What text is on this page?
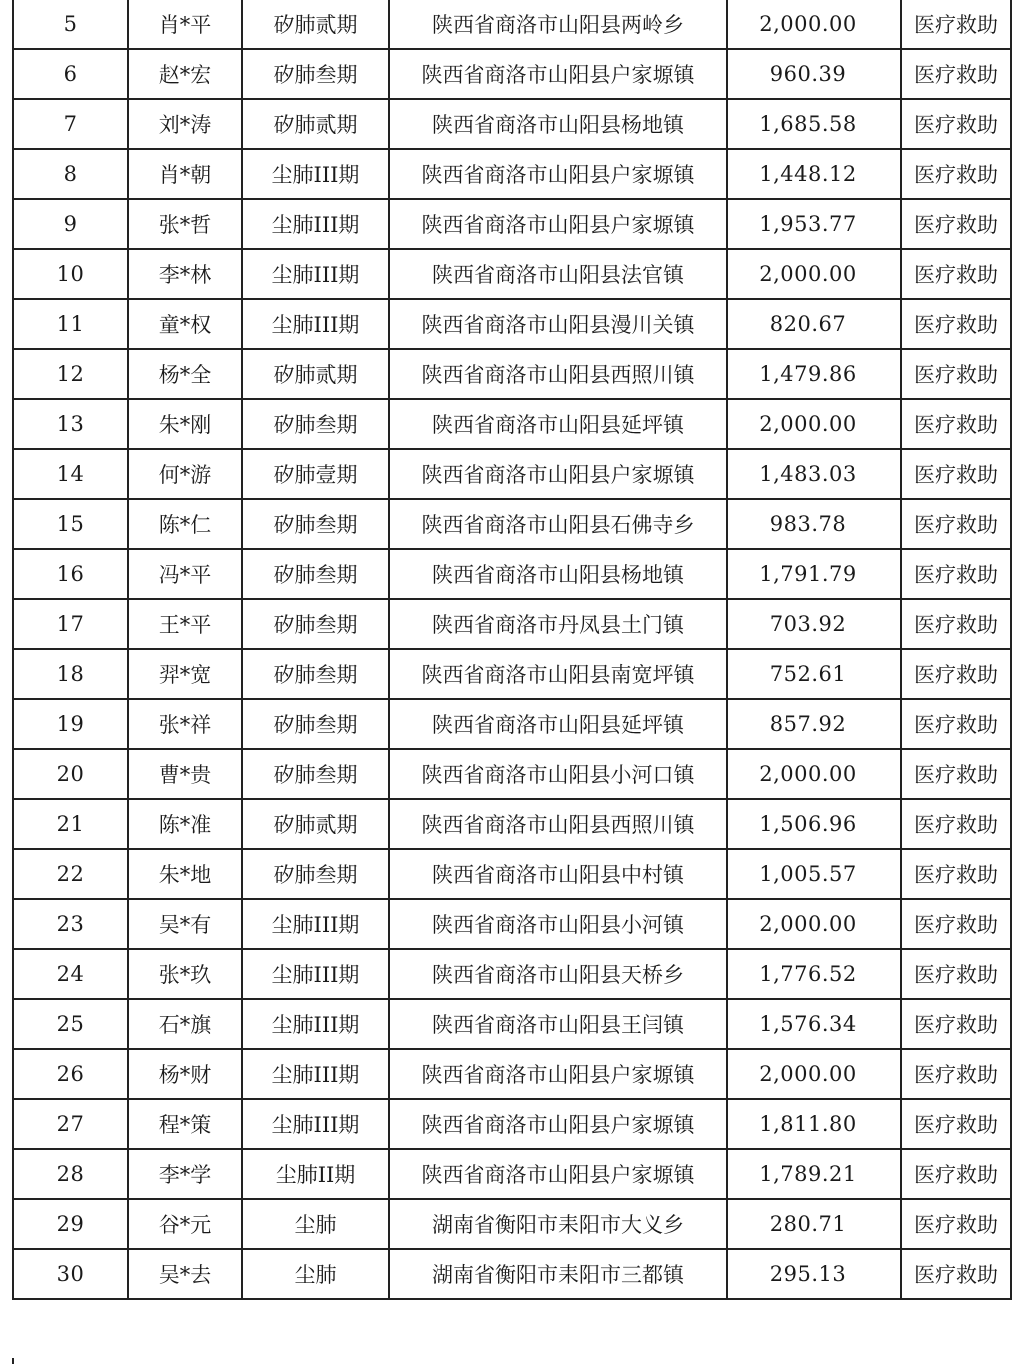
5	肖*平	矽肺贰期	陕西省商洛市山阳县两岭乡	2,000.00	医疗救助
6	赵*宏	矽肺叁期	陕西省商洛市山阳县户家塬镇	960.39	医疗救助
7	刘*涛	矽肺贰期	陕西省商洛市山阳县杨地镇	1,685.58	医疗救助
8	肖*朝	尘肺III期	陕西省商洛市山阳县户家塬镇	1,448.12	医疗救助
9	张*哲	尘肺III期	陕西省商洛市山阳县户家塬镇	1,953.77	医疗救助
10	李*林	尘肺III期	陕西省商洛市山阳县法官镇	2,000.00	医疗救助
11	童*权	尘肺III期	陕西省商洛市山阳县漫川关镇	820.67	医疗救助
12	杨*全	矽肺贰期	陕西省商洛市山阳县西照川镇	1,479.86	医疗救助
13	朱*刚	矽肺叁期	陕西省商洛市山阳县延坪镇	2,000.00	医疗救助
14	何*游	矽肺壹期	陕西省商洛市山阳县户家塬镇	1,483.03	医疗救助
15	陈*仁	矽肺叁期	陕西省商洛市山阳县石佛寺乡	983.78	医疗救助
16	冯*平	矽肺叁期	陕西省商洛市山阳县杨地镇	1,791.79	医疗救助
17	王*平	矽肺叁期	陕西省商洛市丹凤县土门镇	703.92	医疗救助
18	羿*宽	矽肺叁期	陕西省商洛市山阳县南宽坪镇	752.61	医疗救助
19	张*祥	矽肺叁期	陕西省商洛市山阳县延坪镇	857.92	医疗救助
20	曹*贵	矽肺叁期	陕西省商洛市山阳县小河口镇	2,000.00	医疗救助
21	陈*准	矽肺贰期	陕西省商洛市山阳县西照川镇	1,506.96	医疗救助
22	朱*地	矽肺叁期	陕西省商洛市山阳县中村镇	1,005.57	医疗救助
23	吴*有	尘肺III期	陕西省商洛市山阳县小河镇	2,000.00	医疗救助
24	张*玖	尘肺III期	陕西省商洛市山阳县天桥乡	1,776.52	医疗救助
25	石*旗	尘肺III期	陕西省商洛市山阳县王闫镇	1,576.34	医疗救助
26	杨*财	尘肺III期	陕西省商洛市山阳县户家塬镇	2,000.00	医疗救助
27	程*策	尘肺III期	陕西省商洛市山阳县户家塬镇	1,811.80	医疗救助
28	李*学	尘肺II期	陕西省商洛市山阳县户家塬镇	1,789.21	医疗救助
29	谷*元	尘肺	湖南省衡阳市耒阳市大义乡	280.71	医疗救助
30	吴*去	尘肺	湖南省衡阳市耒阳市三都镇	295.13	医疗救助
